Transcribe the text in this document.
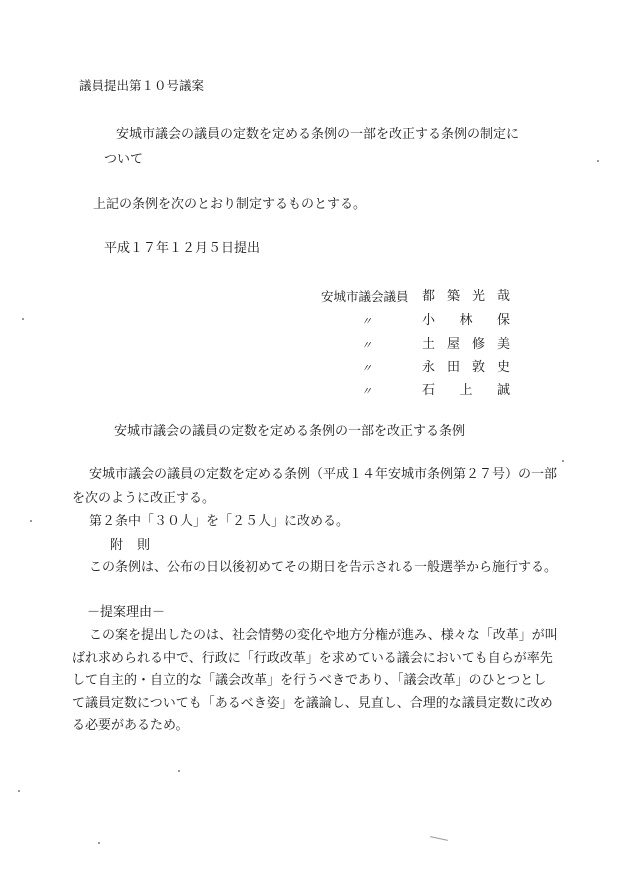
議員提出第１０号議案
安城市議会の議員の定数を定める条例の一部を改正する条例の制定に
ついて
上記の条例を次のとおり制定するものとする。
平成１７年１２月５日提出
安城市議会議員 都 築 光 哉
〃	小 林 保
〃	土 屋 修 美
〃	永 田 敦 史
〃	石 上 誠
安城市議会の議員の定数を定める条例の一部を改正する条例
安城市議会の議員の定数を定める条例（平成１４年安城市条例第２７号）の一部
を次のように改正する。
第２条中「３０人」を「２５人」に改める。
附則
この条例は、公布の日以後初めてその期日を告示される一般選挙から施行する。
－提案理由－
この案を提出したのは、社会情勢の変化や地方分権が進み、様々な「改革」が叫
ばれ求められる中で、行政に「行政改革」を求めている議会においても自らが率先
して自主的・自立的な「議会改革」を行うべきであり、「議会改革」のひとつとし
て議員定数についても「あるべき姿」を議論し、見直し、合理的な議員定数に改め
る必要があるため。
